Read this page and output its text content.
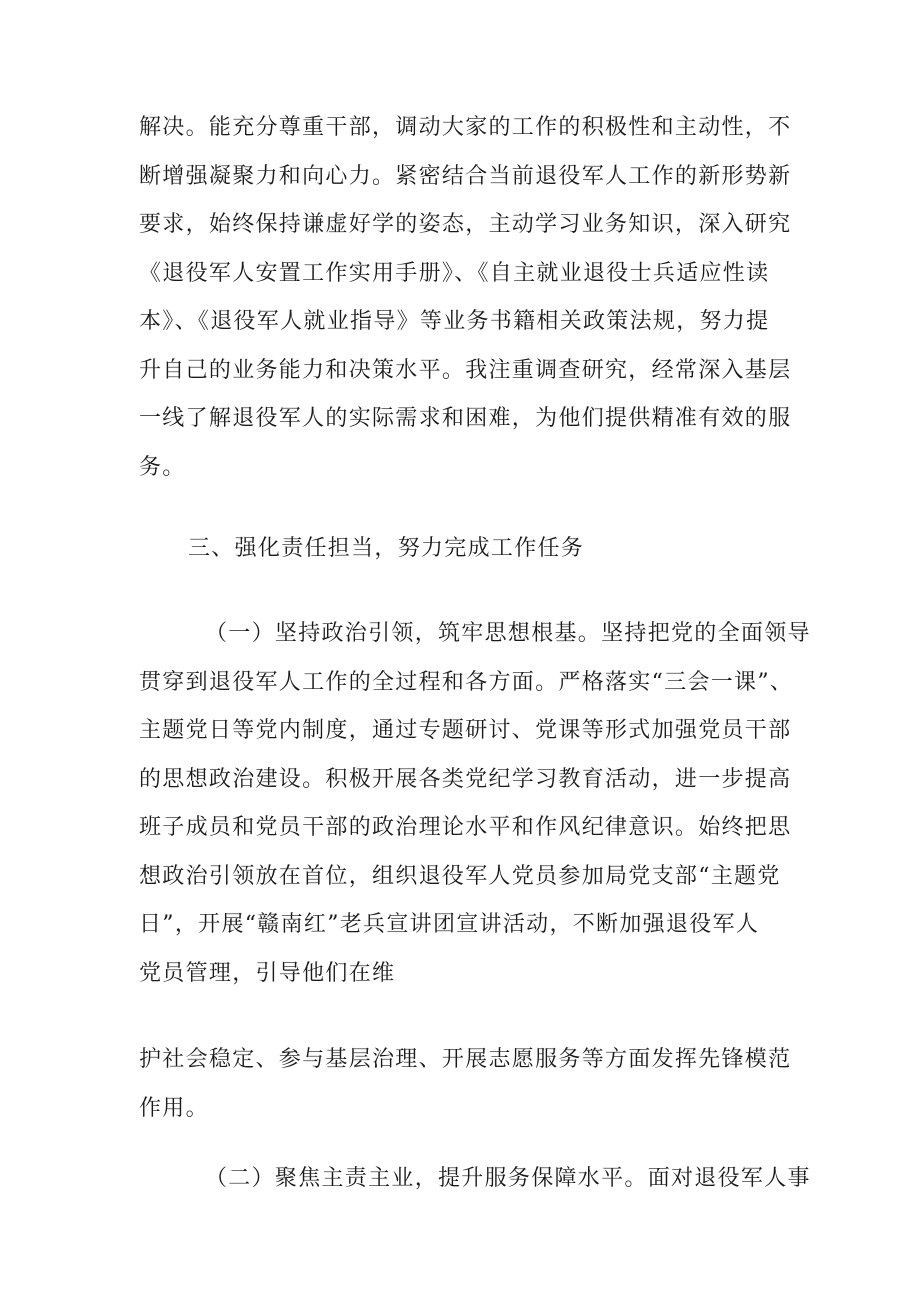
解决。能充分尊重干部，调动大家的工作的积极性和主动性，不
断增强凝聚力和向心力。紧密结合当前退役军人工作的新形势新
要求，始终保持谦虚好学的姿态，主动学习业务知识，深入研究
《退役军人安置工作实用手册》、《自主就业退役士兵适应性读
本》、《退役军人就业指导》等业务书籍相关政策法规，努力提
升自己的业务能力和决策水平。我注重调查研究，经常深入基层
一线了解退役军人的实际需求和困难，为他们提供精准有效的服
务。
三、强化责任担当，努力完成工作任务
（一）坚持政治引领，筑牢思想根基。坚持把党的全面领导
贯穿到退役军人工作的全过程和各方面。严格落实“三会一课”、
主题党日等党内制度，通过专题研讨、党课等形式加强党员干部
的思想政治建设。积极开展各类党纪学习教育活动，进一步提高
班子成员和党员干部的政治理论水平和作风纪律意识。始终把思
想政治引领放在首位，组织退役军人党员参加局党支部“主题党
日”，开展“赣南红”老兵宣讲团宣讲活动，不断加强退役军人
党员管理，引导他们在维
护社会稳定、参与基层治理、开展志愿服务等方面发挥先锋模范
作用。
（二）聚焦主责主业，提升服务保障水平。面对退役军人事
